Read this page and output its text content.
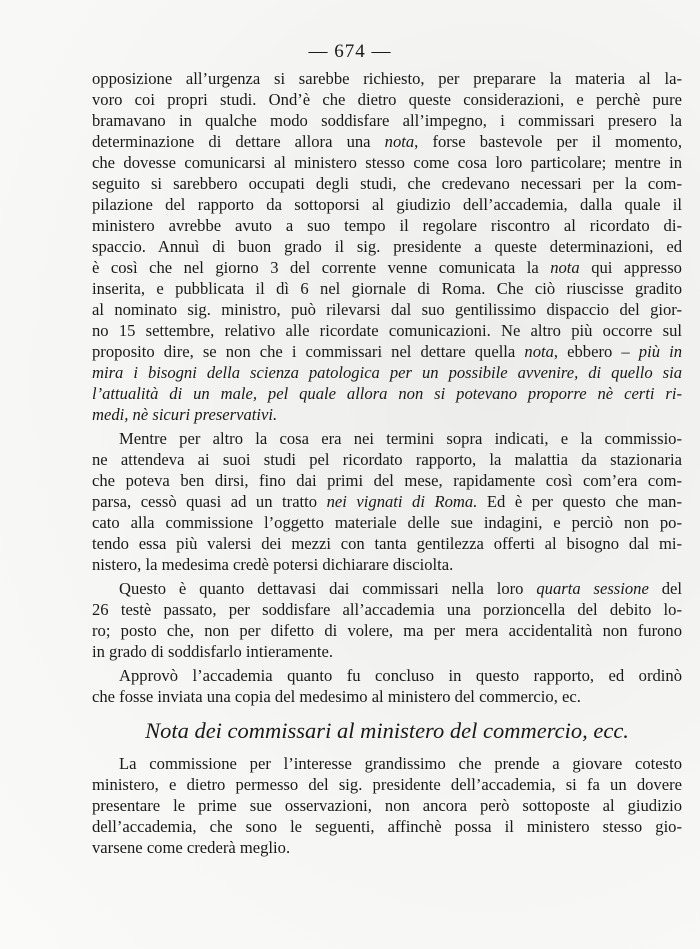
— 674 —
opposizione all’urgenza si sarebbe richiesto, per preparare la materia al la-
voro coi propri studi. Ond’è che dietro queste considerazioni, e perchè pure
bramavano in qualche modo soddisfare all’impegno, i commissari presero la
determinazione di dettare allora una nota, forse bastevole per il momento,
che dovesse comunicarsi al ministero stesso come cosa loro particolare; mentre in
seguito si sarebbero occupati degli studi, che credevano necessari per la com-
pilazione del rapporto da sottoporsi al giudizio dell’accademia, dalla quale il
ministero avrebbe avuto a suo tempo il regolare riscontro al ricordato di-
spaccio. Annuì di buon grado il sig. presidente a queste determinazioni, ed
è così che nel giorno 3 del corrente venne comunicata la nota qui appresso
inserita, e pubblicata il dì 6 nel giornale di Roma. Che ciò riuscisse gradito
al nominato sig. ministro, può rilevarsi dal suo gentilissimo dispaccio del gior-
no 15 settembre, relativo alle ricordate comunicazioni. Ne altro più occorre sul
proposito dire, se non che i commissari nel dettare quella nota, ebbero – più in
mira i bisogni della scienza patologica per un possibile avvenire, di quello sia
l’attualità di un male, pel quale allora non si potevano proporre nè certi ri-
medi, nè sicuri preservativi.
Mentre per altro la cosa era nei termini sopra indicati, e la commissio-
ne attendeva ai suoi studi pel ricordato rapporto, la malattia da stazionaria
che poteva ben dirsi, fino dai primi del mese, rapidamente così com’era com-
parsa, cessò quasi ad un tratto nei vignati di Roma. Ed è per questo che man-
cato alla commissione l’oggetto materiale delle sue indagini, e perciò non po-
tendo essa più valersi dei mezzi con tanta gentilezza offerti al bisogno dal mi-
nistero, la medesima credè potersi dichiarare disciolta.
Questo è quanto dettavasi dai commissari nella loro quarta sessione del
26 testè passato, per soddisfare all’accademia una porzioncella del debito lo-
ro; posto che, non per difetto di volere, ma per mera accidentalità non furono
in grado di soddisfarlo intieramente.
Approvò l’accademia quanto fu concluso in questo rapporto, ed ordinò
che fosse inviata una copia del medesimo al ministero del commercio, ec.
Nota dei commissari al ministero del commercio, ecc.
La commissione per l’interesse grandissimo che prende a giovare cotesto
ministero, e dietro permesso del sig. presidente dell’accademia, si fa un dovere
presentare le prime sue osservazioni, non ancora però sottoposte al giudizio
dell’accademia, che sono le seguenti, affinchè possa il ministero stesso gio-
varsene come crederà meglio.
